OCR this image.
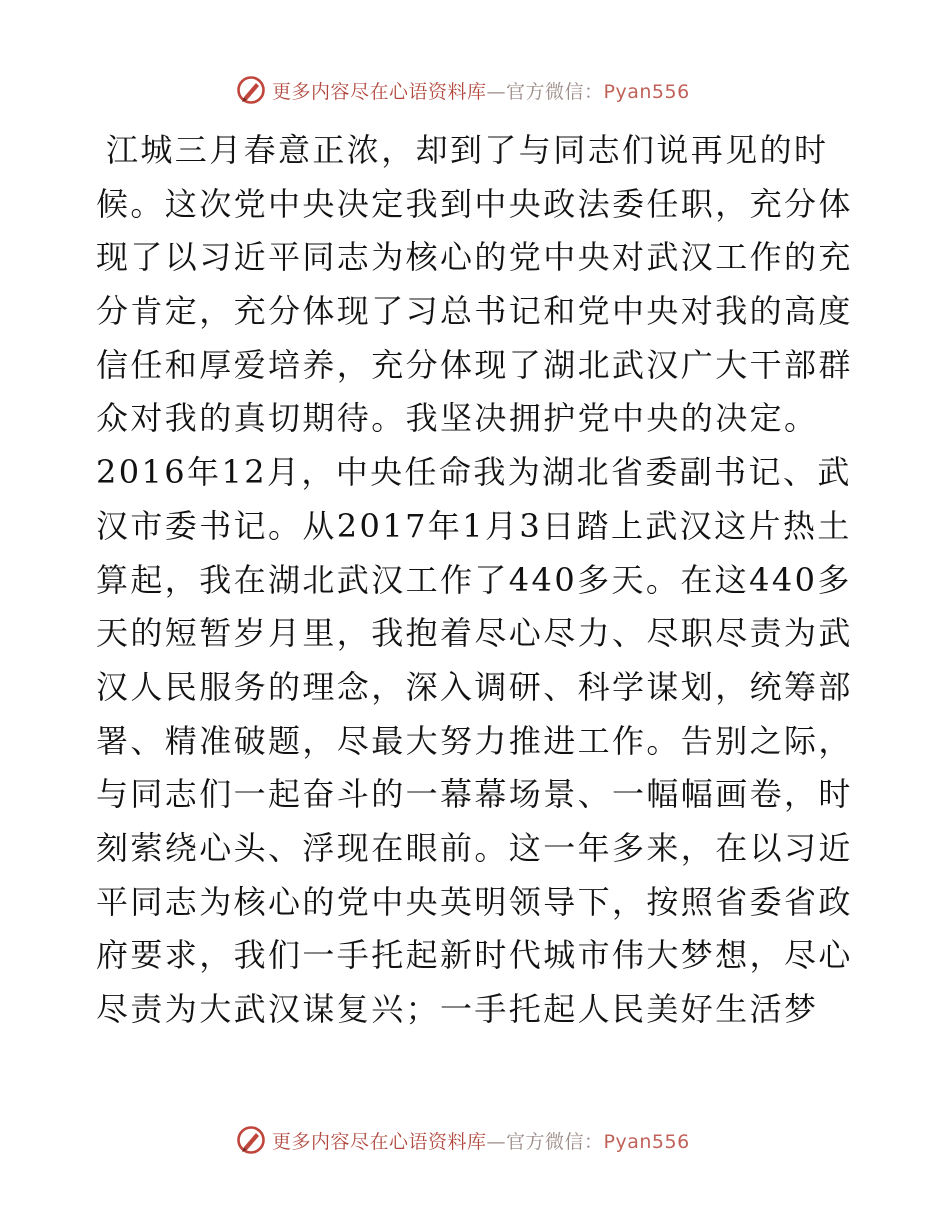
更多内容尽在心语资料库—官方微信：Pyan556
江城三月春意正浓，却到了与同志们说再见的时
候。这次党中央决定我到中央政法委任职，充分体
现了以习近平同志为核心的党中央对武汉工作的充
分肯定，充分体现了习总书记和党中央对我的高度
信任和厚爱培养，充分体现了湖北武汉广大干部群
众对我的真切期待。我坚决拥护党中央的决定。
2016年12月，中央任命我为湖北省委副书记、武
汉市委书记。从2017年1月3日踏上武汉这片热土
算起，我在湖北武汉工作了440多天。在这440多
天的短暂岁月里，我抱着尽心尽力、尽职尽责为武
汉人民服务的理念，深入调研、科学谋划，统筹部
署、精准破题，尽最大努力推进工作。告别之际，
与同志们一起奋斗的一幕幕场景、一幅幅画卷，时
刻萦绕心头、浮现在眼前。这一年多来，在以习近
平同志为核心的党中央英明领导下，按照省委省政
府要求，我们一手托起新时代城市伟大梦想，尽心
尽责为大武汉谋复兴；一手托起人民美好生活梦
更多内容尽在心语资料库—官方微信：Pyan556
